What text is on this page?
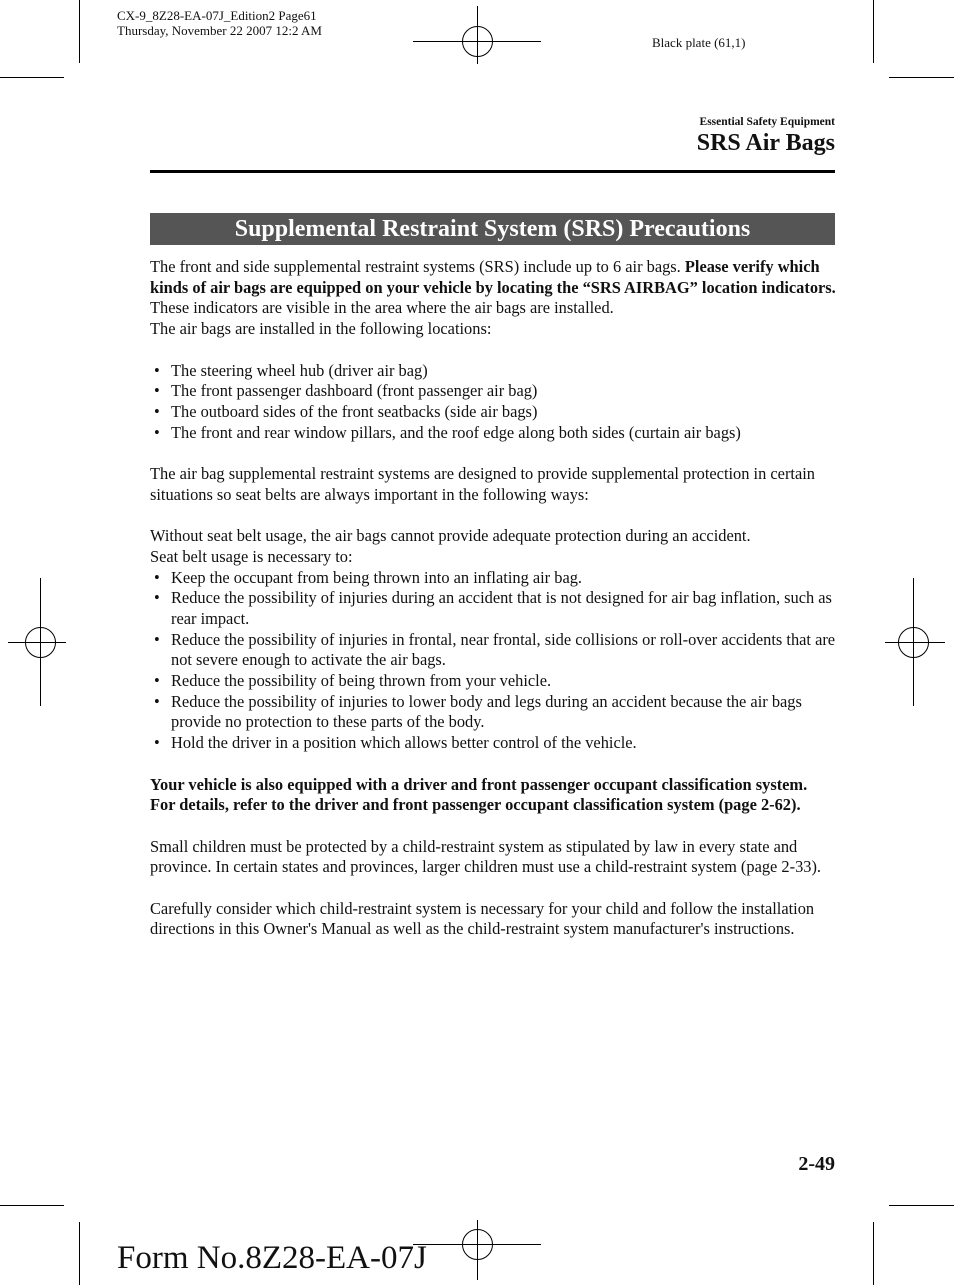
CX-9_8Z28-EA-07J_Edition2 Page61
Thursday, November 22 2007 12:2 AM
Black plate (61,1)
Essential Safety Equipment
SRS Air Bags
Supplemental Restraint System (SRS) Precautions

The front and side supplemental restraint systems (SRS) include up to 6 air bags. Please verify which kinds of air bags are equipped on your vehicle by locating the “SRS AIRBAG” location indicators. These indicators are visible in the area where the air bags are installed.

The air bags are installed in the following locations:

• The steering wheel hub (driver air bag)
• The front passenger dashboard (front passenger air bag)
• The outboard sides of the front seatbacks (side air bags)
• The front and rear window pillars, and the roof edge along both sides (curtain air bags)

The air bag supplemental restraint systems are designed to provide supplemental protection in certain situations so seat belts are always important in the following ways:

Without seat belt usage, the air bags cannot provide adequate protection during an accident.

Seat belt usage is necessary to:

• Keep the occupant from being thrown into an inflating air bag.
• Reduce the possibility of injuries during an accident that is not designed for air bag inflation, such as rear impact.
• Reduce the possibility of injuries in frontal, near frontal, side collisions or roll-over accidents that are not severe enough to activate the air bags.
• Reduce the possibility of being thrown from your vehicle.
• Reduce the possibility of injuries to lower body and legs during an accident because the air bags provide no protection to these parts of the body.
• Hold the driver in a position which allows better control of the vehicle.

Your vehicle is also equipped with a driver and front passenger occupant classification system. For details, refer to the driver and front passenger occupant classification system (page 2-62).

Small children must be protected by a child-restraint system as stipulated by law in every state and province. In certain states and provinces, larger children must use a child-restraint system (page 2-33).

Carefully consider which child-restraint system is necessary for your child and follow the installation directions in this Owner's Manual as well as the child-restraint system manufacturer's instructions.

2-49
Form No.8Z28-EA-07J
